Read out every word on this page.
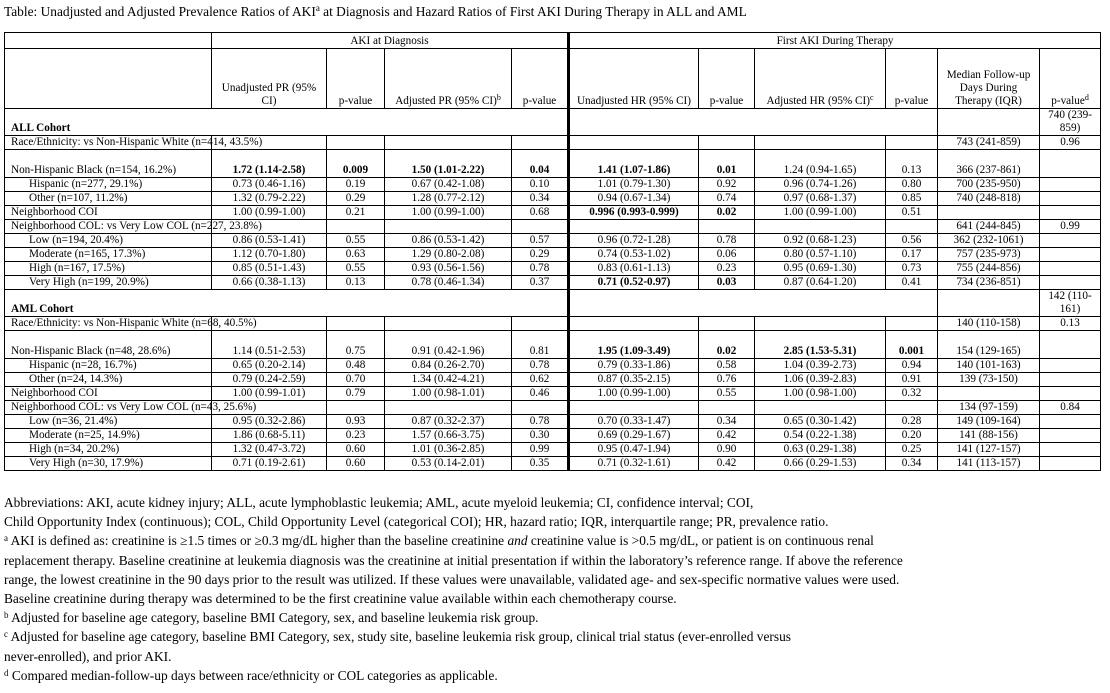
Table: Unadjusted and Adjusted Prevalence Ratios of AKI$^a$ at Diagnosis and Hazard Ratios of First AKI During Therapy in ALL and AML
	AKI at Diagnosis				First AKI During Therapy						
	Unadjusted PR (95% CI)	p-value	Adjusted PR (95% CI)$^b$	p-value	Unadjusted HR (95% CI)	p-value	Adjusted HR (95% CI)$^c$	p-value	Median Follow-up Days During Therapy (IQR)	p-value$^d$
ALL Cohort										740 (239-859)	
Race/Ethnicity: vs Non-Hispanic White (n=414, 43.5%)									743 (241-859)	0.96	
Non-Hispanic Black (n=154, 16.2%)	1.72 (1.14-2.58)	0.009	1.50 (1.01-2.22)	0.04	1.41 (1.07-1.86)	0.01	1.24 (0.94-1.65)	0.13	366 (237-861)		
Hispanic (n=277, 29.1%)	0.73 (0.46-1.16)	0.19	0.67 (0.42-1.08)	0.10	1.01 (0.79-1.30)	0.92	0.96 (0.74-1.26)	0.80	700 (235-950)		
Other (n=107, 11.2%)	1.32 (0.79-2.22)	0.29	1.28 (0.77-2.12)	0.34	0.94 (0.67-1.34)	0.74	0.97 (0.68-1.37)	0.85	740 (248-818)		
Neighborhood COI	1.00 (0.99-1.00)	0.21	1.00 (0.99-1.00)	0.68	0.996 (0.993-0.999)	0.02	1.00 (0.99-1.00)	0.51			
Neighborhood COL: vs Very Low COL (n=227, 23.8%)									641 (244-845)	0.99	
Low (n=194, 20.4%)	0.86 (0.53-1.41)	0.55	0.86 (0.53-1.42)	0.57	0.96 (0.72-1.28)	0.78	0.92 (0.68-1.23)	0.56	362 (232-1061)		
Moderate (n=165, 17.3%)	1.12 (0.70-1.80)	0.63	1.29 (0.80-2.08)	0.29	0.74 (0.53-1.02)	0.06	0.80 (0.57-1.10)	0.17	757 (235-973)		
High (n=167, 17.5%)	0.85 (0.51-1.43)	0.55	0.93 (0.56-1.56)	0.78	0.83 (0.61-1.13)	0.23	0.95 (0.69-1.30)	0.73	755 (244-856)		
Very High (n=199, 20.9%)	0.66 (0.38-1.13)	0.13	0.78 (0.46-1.34)	0.37	0.71 (0.52-0.97)	0.03	0.87 (0.64-1.20)	0.41	734 (236-851)		
AML Cohort										142 (110-161)	
Race/Ethnicity: vs Non-Hispanic White (n=68, 40.5%)									140 (110-158)	0.13	
Non-Hispanic Black (n=48, 28.6%)	1.14 (0.51-2.53)	0.75	0.91 (0.42-1.96)	0.81	1.95 (1.09-3.49)	0.02	2.85 (1.53-5.31)	0.001	154 (129-165)		
Hispanic (n=28, 16.7%)	0.65 (0.20-2.14)	0.48	0.84 (0.26-2.70)	0.78	0.79 (0.33-1.86)	0.58	1.04 (0.39-2.73)	0.94	140 (101-163)		
Other (n=24, 14.3%)	0.79 (0.24-2.59)	0.70	1.34 (0.42-4.21)	0.62	0.87 (0.35-2.15)	0.76	1.06 (0.39-2.83)	0.91	139 (73-150)		
Neighborhood COI	1.00 (0.99-1.01)	0.79	1.00 (0.98-1.01)	0.46	1.00 (0.99-1.00)	0.55	1.00 (0.98-1.00)	0.32			
Neighborhood COL: vs Very Low COL (n=43, 25.6%)									134 (97-159)	0.84	
Low (n=36, 21.4%)	0.95 (0.32-2.86)	0.93	0.87 (0.32-2.37)	0.78	0.70 (0.33-1.47)	0.34	0.65 (0.30-1.42)	0.28	149 (109-164)		
Moderate (n=25, 14.9%)	1.86 (0.68-5.11)	0.23	1.57 (0.66-3.75)	0.30	0.69 (0.29-1.67)	0.42	0.54 (0.22-1.38)	0.20	141 (88-156)		
High (n=34, 20.2%)	1.32 (0.47-3.72)	0.60	1.01 (0.36-2.85)	0.99	0.95 (0.47-1.94)	0.90	0.63 (0.29-1.38)	0.25	141 (127-157)		
Very High (n=30, 17.9%)	0.71 (0.19-2.61)	0.60	0.53 (0.14-2.01)	0.35	0.71 (0.32-1.61)	0.42	0.66 (0.29-1.53)	0.34	141 (113-157)		
Abbreviations: AKI, acute kidney injury; ALL, acute lymphoblastic leukemia; AML, acute myeloid leukemia; CI, confidence interval; COI,
Child Opportunity Index (continuous); COL, Child Opportunity Level (categorical COI); HR, hazard ratio; IQR, interquartile range; PR, prevalence ratio.
$^a$ AKI is defined as: creatinine is ≥1.5 times or ≥0.3 mg/dL higher than the baseline creatinine and creatinine value is >0.5 mg/dL, or patient is on continuous renal
replacement therapy. Baseline creatinine at leukemia diagnosis was the creatinine at initial presentation if within the laboratory’s reference range. If above the reference
range, the lowest creatinine in the 90 days prior to the result was utilized. If these values were unavailable, validated age- and sex-specific normative values were used.
Baseline creatinine during therapy was determined to be the first creatinine value available within each chemotherapy course.
$^b$ Adjusted for baseline age category, baseline BMI Category, sex, and baseline leukemia risk group.
$^c$ Adjusted for baseline age category, baseline BMI Category, sex, study site, baseline leukemia risk group, clinical trial status (ever-enrolled versus
never-enrolled), and prior AKI.
$^d$ Compared median-follow-up days between race/ethnicity or COL categories as applicable.
